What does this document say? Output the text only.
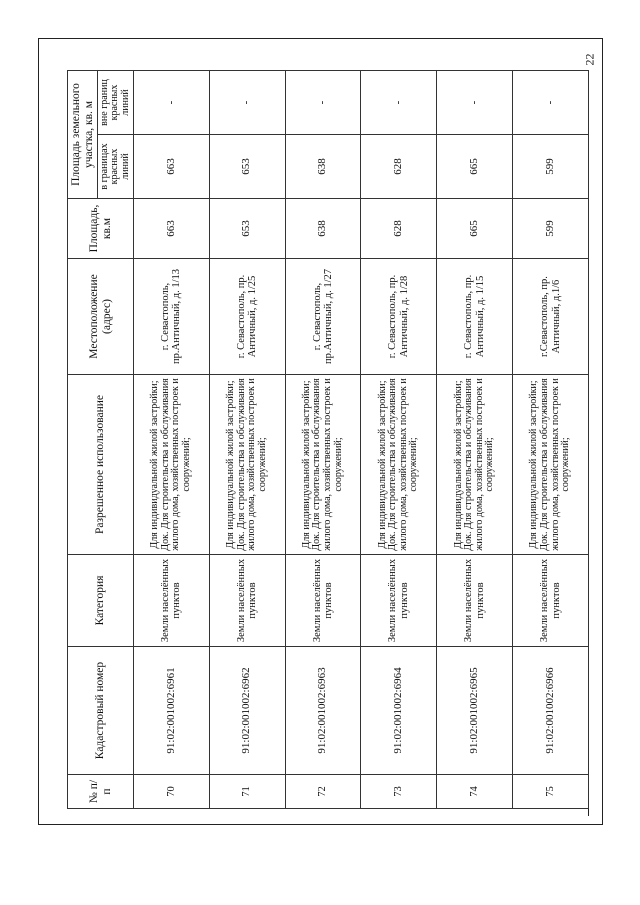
22
№ п/п	Кадастровый номер	Категория	Разрешенное использование	Местоположение (адрес)	Площадь, кв.м	Площадь земельного участка, кв. м	
						в границах красных линий	вне границ красных линий
70	91:02:001002:6961	Земли населённых пунктов	Для индивидуальной жилой застройки; Док. Для строительства и обслуживания жилого дома, хозяйственных построек и сооружений;	г. Севастополь, пр.Античный, д. 1/13	663	663	-
71	91:02:001002:6962	Земли населённых пунктов	Для индивидуальной жилой застройки; Док. Для строительства и обслуживания жилого дома, хозяйственных построек и сооружений;	г. Севастополь, пр. Античный, д. 1/25	653	653	-
72	91:02:001002:6963	Земли населённых пунктов	Для индивидуальной жилой застройки; Док. Для строительства и обслуживания жилого дома, хозяйственных построек и сооружений;	г. Севастополь, пр.Античный, д. 1/27	638	638	-
73	91:02:001002:6964	Земли населённых пунктов	Для индивидуальной жилой застройки; Док. Для строительства и обслуживания жилого дома, хозяйственных построек и сооружений;	г. Севастополь, пр. Античный, д. 1/28	628	628	-
74	91:02:001002:6965	Земли населённых пунктов	Для индивидуальной жилой застройки; Док. Для строительства и обслуживания жилого дома, хозяйственных построек и сооружений;	г. Севастополь, пр. Античный, д. 1/15	665	665	-
75	91:02:001002:6966	Земли населённых пунктов	Для индивидуальной жилой застройки; Док. Для строительства и обслуживания жилого дома, хозяйственных построек и сооружений;	г.Севастополь, пр. Античный, д.1/6	599	599	-
